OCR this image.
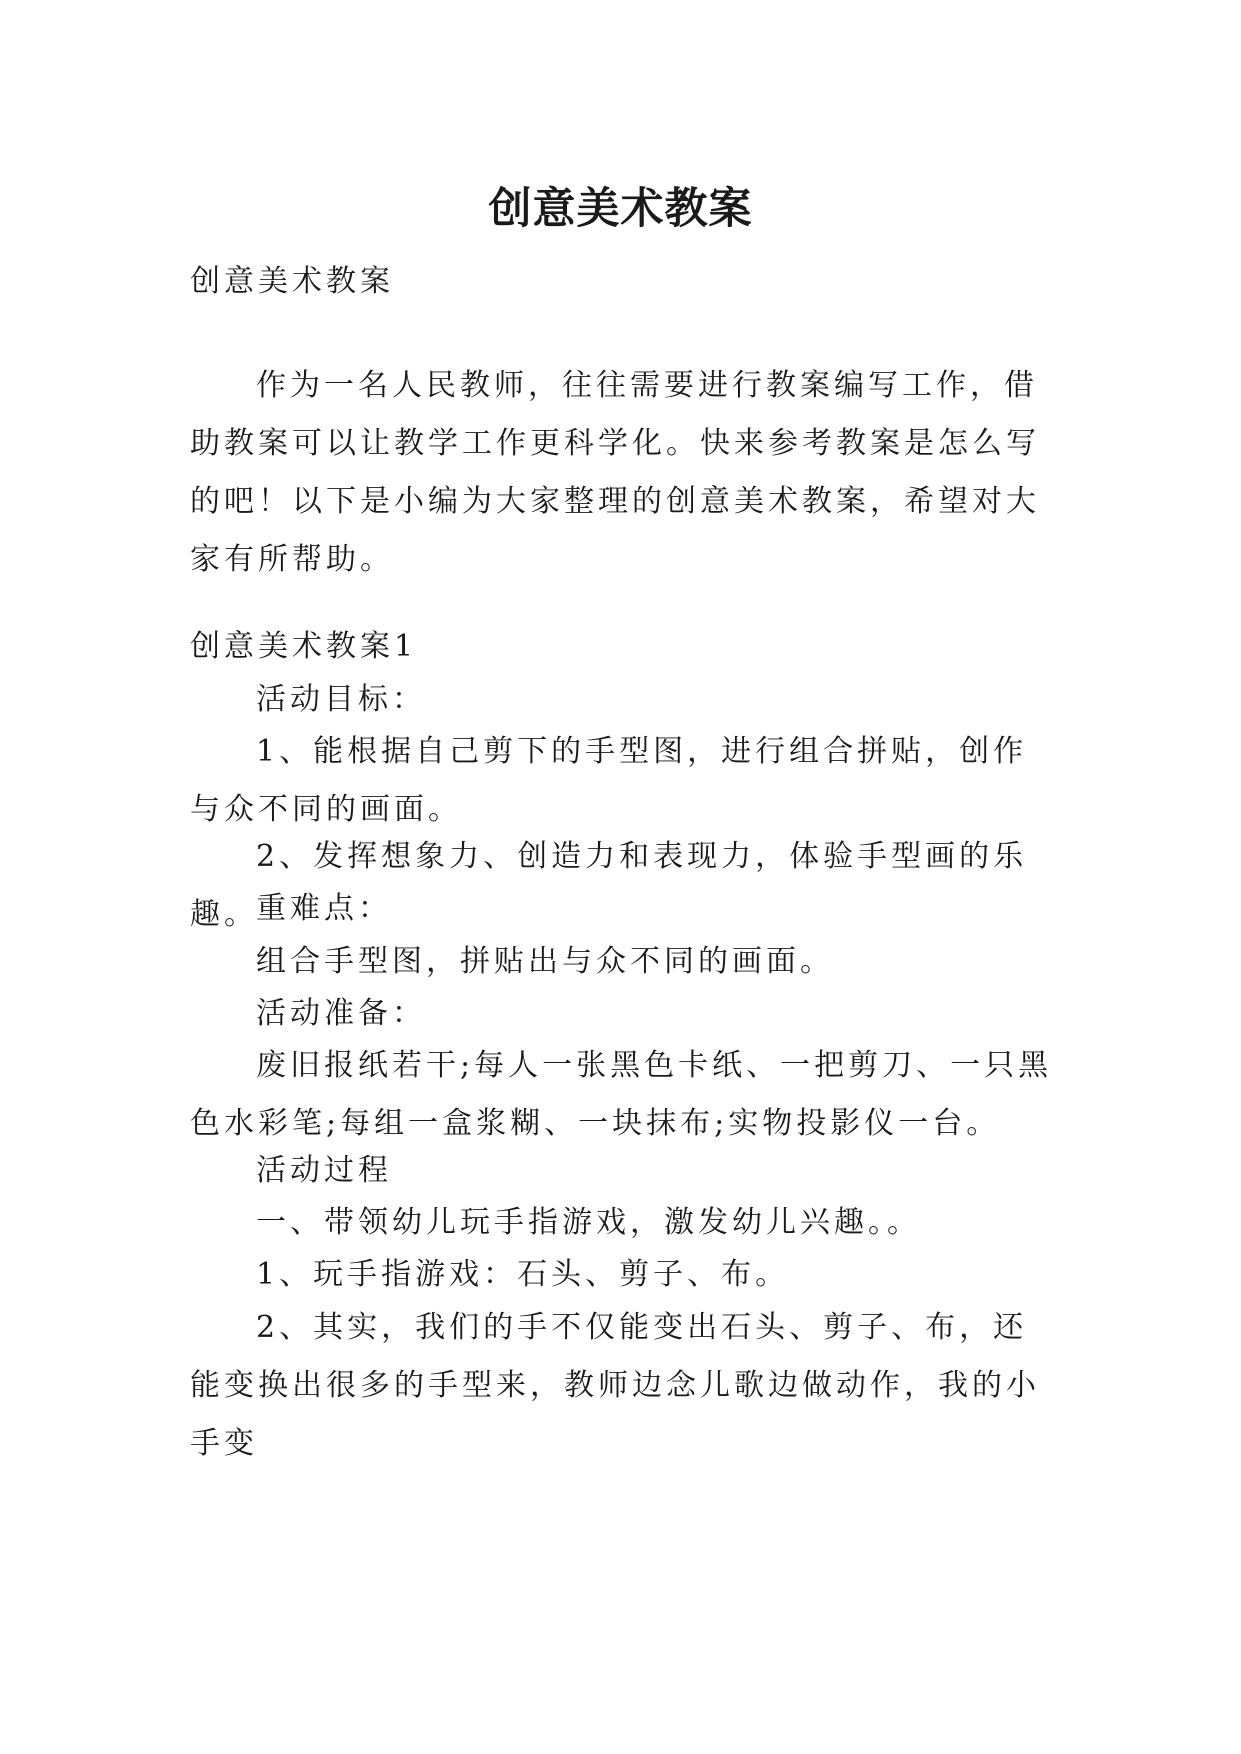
创意美术教案

创意美术教案

作为一名人民教师，往往需要进行教案编写工作，借助教案可以让教学工作更科学化。快来参考教案是怎么写的吧！以下是小编为大家整理的创意美术教案，希望对大家有所帮助。

创意美术教案1

活动目标：

1、能根据自己剪下的手型图，进行组合拼贴，创作与众不同的画面。

2、发挥想象力、创造力和表现力，体验手型画的乐趣。

重难点：

组合手型图，拼贴出与众不同的画面。

活动准备：

废旧报纸若干;每人一张黑色卡纸、一把剪刀、一只黑色水彩笔;每组一盒浆糊、一块抹布;实物投影仪一台。

活动过程

一、带领幼儿玩手指游戏，激发幼儿兴趣。。

1、玩手指游戏：石头、剪子、布。

2、其实，我们的手不仅能变出石头、剪子、布，还能变换出很多的手型来，教师边念儿歌边做动作，我的小手变
